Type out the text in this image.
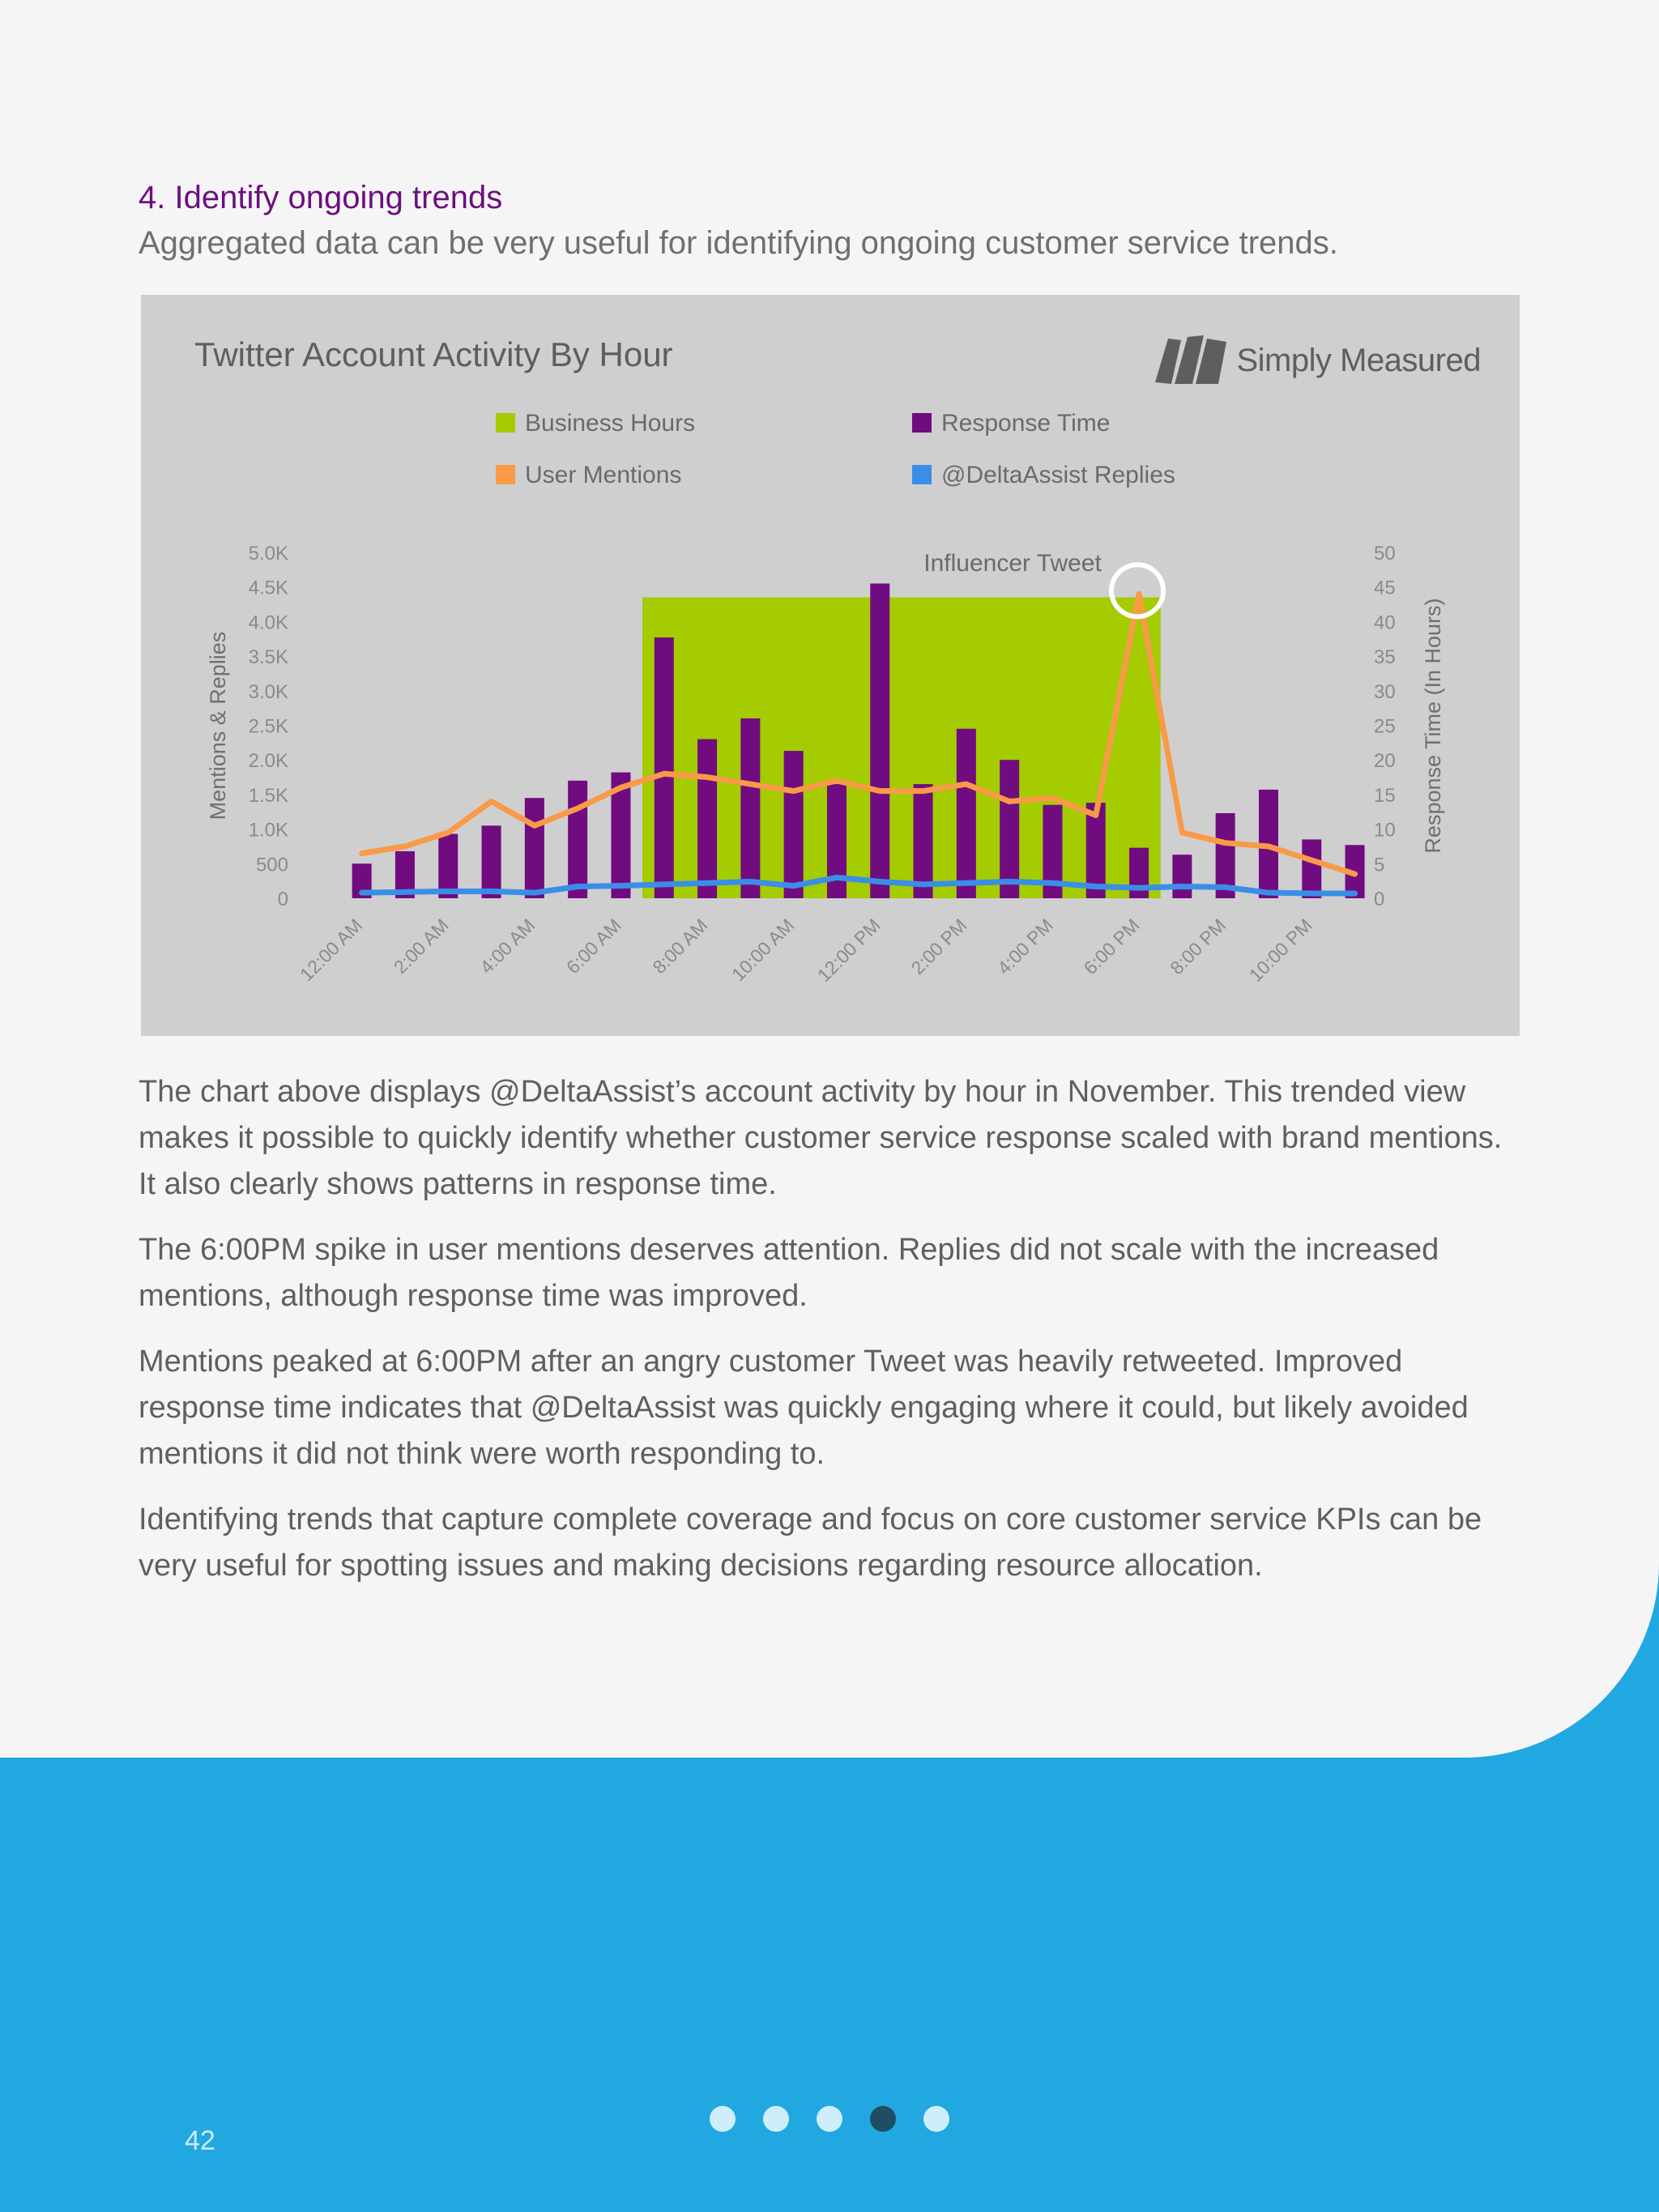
4. Identify ongoing trends
Aggregated data can be very useful for identifying ongoing customer service trends.
Twitter Account Activity By Hour
Business Hours	Response Time
User Mentions	@DeltaAssist Replies
0
500
1.0K
1.5K
2.0K
2.5K
3.0K
3.5K
4.0K
4.5K
5.0K
0
5
10
15
20
25
30
35
40
45
50
Mentions & Replies	Response Time (In Hours)
Influencer Tweet
12:00 AM 2:00 AM 4:00 AM 6:00 AM 8:00 AM 10:00 AM 12:00 PM 2:00 PM 4:00 PM 6:00 PM 8:00 PM 10:00 PM
Simply Measured

The chart above displays @DeltaAssist’s account activity by hour in November. This trended view makes it possible to quickly identify whether customer service response scaled with brand mentions. It also clearly shows patterns in response time.

The 6:00PM spike in user mentions deserves attention. Replies did not scale with the increased mentions, although response time was improved.

Mentions peaked at 6:00PM after an angry customer Tweet was heavily retweeted. Improved response time indicates that @DeltaAssist was quickly engaging where it could, but likely avoided mentions it did not think were worth responding to.

Identifying trends that capture complete coverage and focus on core customer service KPIs can be very useful for spotting issues and making decisions regarding resource allocation.

42
